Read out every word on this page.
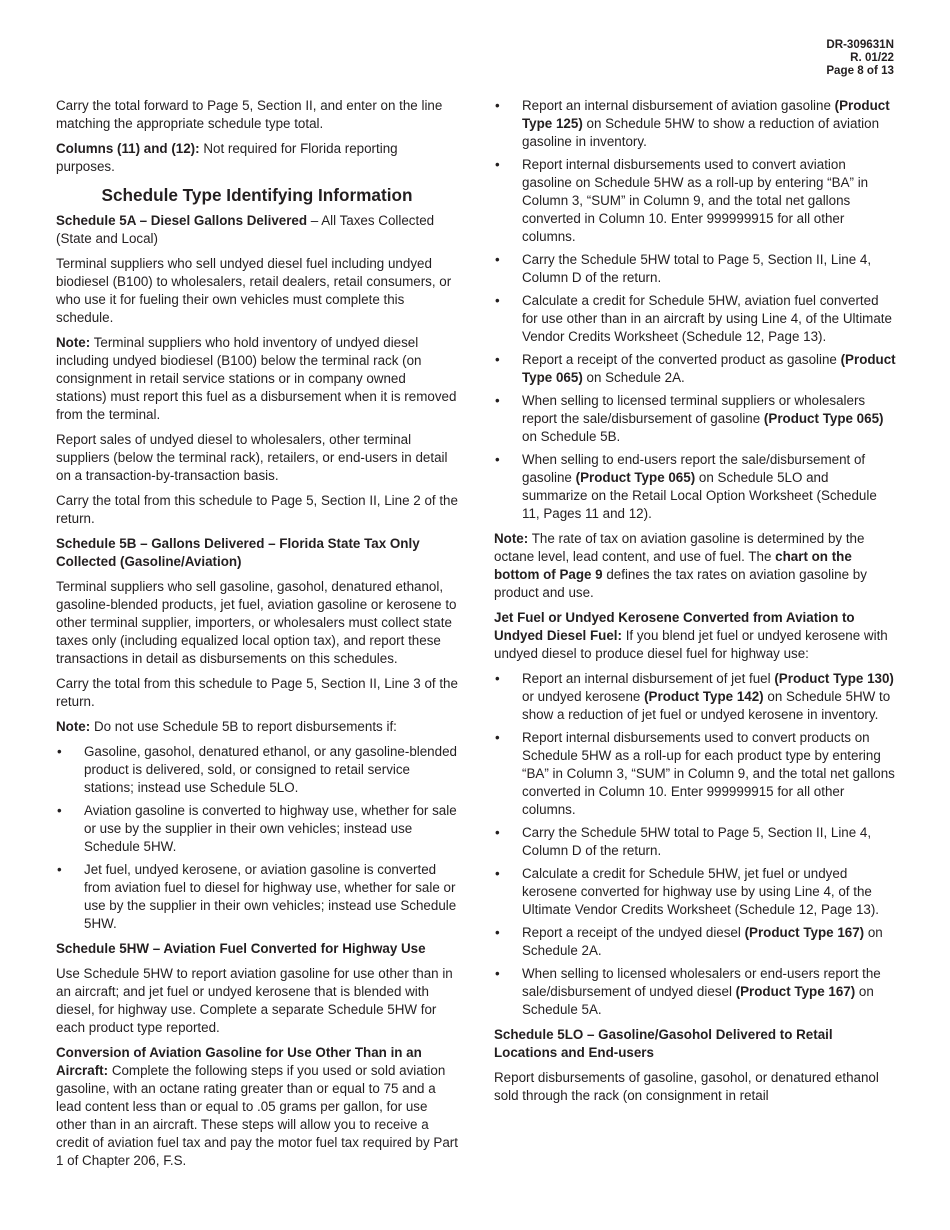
DR-309631N
R. 01/22
Page 8 of 13

Carry the total forward to Page 5, Section II, and enter on the line matching the appropriate schedule type total.

Columns (11) and (12): Not required for Florida reporting purposes.

Schedule Type Identifying Information

Schedule 5A – Diesel Gallons Delivered – All Taxes Collected (State and Local)

Terminal suppliers who sell undyed diesel fuel including undyed biodiesel (B100) to wholesalers, retail dealers, retail consumers, or who use it for fueling their own vehicles must complete this schedule.

Note: Terminal suppliers who hold inventory of undyed diesel including undyed biodiesel (B100) below the terminal rack (on consignment in retail service stations or in company owned stations) must report this fuel as a disbursement when it is removed from the terminal.

Report sales of undyed diesel to wholesalers, other terminal suppliers (below the terminal rack), retailers, or end-users in detail on a transaction-by-transaction basis.

Carry the total from this schedule to Page 5, Section II, Line 2 of the return.

Schedule 5B – Gallons Delivered – Florida State Tax Only Collected (Gasoline/Aviation)

Terminal suppliers who sell gasoline, gasohol, denatured ethanol, gasoline-blended products, jet fuel, aviation gasoline or kerosene to other terminal supplier, importers, or wholesalers must collect state taxes only (including equalized local option tax), and report these transactions in detail as disbursements on this schedules.

Carry the total from this schedule to Page 5, Section II, Line 3 of the return.

Note: Do not use Schedule 5B to report disbursements if:

• Gasoline, gasohol, denatured ethanol, or any gasoline-blended product is delivered, sold, or consigned to retail service stations; instead use Schedule 5LO.
• Aviation gasoline is converted to highway use, whether for sale or use by the supplier in their own vehicles; instead use Schedule 5HW.
• Jet fuel, undyed kerosene, or aviation gasoline is converted from aviation fuel to diesel for highway use, whether for sale or use by the supplier in their own vehicles; instead use Schedule 5HW.

Schedule 5HW – Aviation Fuel Converted for Highway Use

Use Schedule 5HW to report aviation gasoline for use other than in an aircraft; and jet fuel or undyed kerosene that is blended with diesel, for highway use. Complete a separate Schedule 5HW for each product type reported.

Conversion of Aviation Gasoline for Use Other Than in an Aircraft: Complete the following steps if you used or sold aviation gasoline, with an octane rating greater than or equal to 75 and a lead content less than or equal to .05 grams per gallon, for use other than in an aircraft. These steps will allow you to receive a credit of aviation fuel tax and pay the motor fuel tax required by Part 1 of Chapter 206, F.S.

• Report an internal disbursement of aviation gasoline (Product Type 125) on Schedule 5HW to show a reduction of aviation gasoline in inventory.
• Report internal disbursements used to convert aviation gasoline on Schedule 5HW as a roll-up by entering “BA” in Column 3, “SUM” in Column 9, and the total net gallons converted in Column 10. Enter 999999915 for all other columns.
• Carry the Schedule 5HW total to Page 5, Section II, Line 4, Column D of the return.
• Calculate a credit for Schedule 5HW, aviation fuel converted for use other than in an aircraft by using Line 4, of the Ultimate Vendor Credits Worksheet (Schedule 12, Page 13).
• Report a receipt of the converted product as gasoline (Product Type 065) on Schedule 2A.
• When selling to licensed terminal suppliers or wholesalers report the sale/disbursement of gasoline (Product Type 065) on Schedule 5B.
• When selling to end-users report the sale/disbursement of gasoline (Product Type 065) on Schedule 5LO and summarize on the Retail Local Option Worksheet (Schedule 11, Pages 11 and 12).

Note: The rate of tax on aviation gasoline is determined by the octane level, lead content, and use of fuel. The chart on the bottom of Page 9 defines the tax rates on aviation gasoline by product and use.

Jet Fuel or Undyed Kerosene Converted from Aviation to Undyed Diesel Fuel: If you blend jet fuel or undyed kerosene with undyed diesel to produce diesel fuel for highway use:

• Report an internal disbursement of jet fuel (Product Type 130) or undyed kerosene (Product Type 142) on Schedule 5HW to show a reduction of jet fuel or undyed kerosene in inventory.
• Report internal disbursements used to convert products on Schedule 5HW as a roll-up for each product type by entering “BA” in Column 3, “SUM” in Column 9, and the total net gallons converted in Column 10. Enter 999999915 for all other columns.
• Carry the Schedule 5HW total to Page 5, Section II, Line 4, Column D of the return.
• Calculate a credit for Schedule 5HW, jet fuel or undyed kerosene converted for highway use by using Line 4, of the Ultimate Vendor Credits Worksheet (Schedule 12, Page 13).
• Report a receipt of the undyed diesel (Product Type 167) on Schedule 2A.
• When selling to licensed wholesalers or end-users report the sale/disbursement of undyed diesel (Product Type 167) on Schedule 5A.

Schedule 5LO – Gasoline/Gasohol Delivered to Retail Locations and End-users

Report disbursements of gasoline, gasohol, or denatured ethanol sold through the rack (on consignment in retail
